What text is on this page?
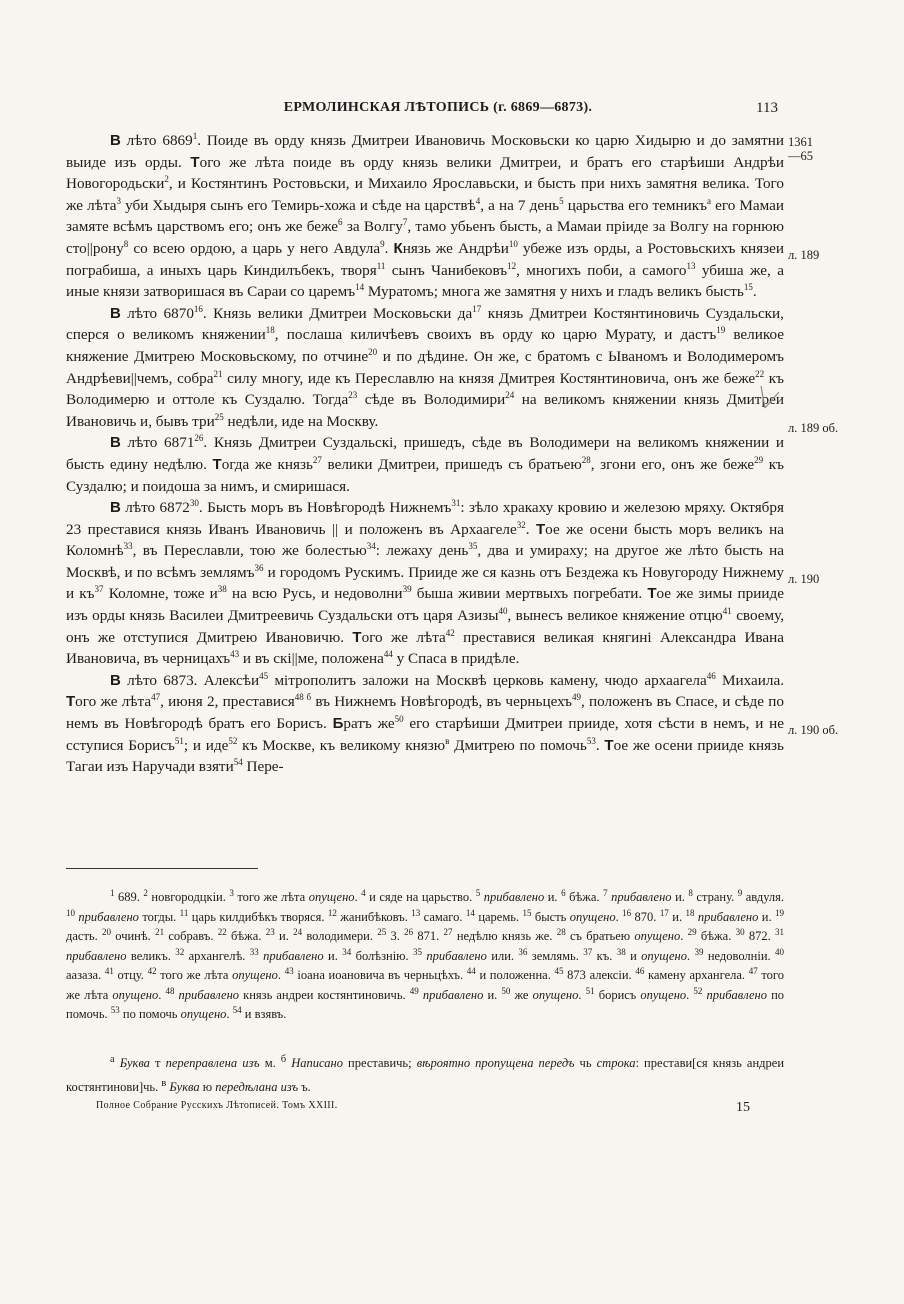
ЕРМОЛИНСКАЯ ЛѢТОПИСЬ (г. 6869—6873).	113

В лѣто 6869$^1$. Поиде въ орду князь Дмитреи Ивановичь Московьски ко царю Хидырю и до замятни выиде изъ орды. Того же лѣта поиде въ орду князь велики Дмитреи, и братъ его старѣиши Андрѣи Новогородьски$^2$, и Костянтинъ Ростовьски, и Михаило Ярославьски, и бысть при нихъ замятня велика. Того же лѣта$^3$ уби Хыдыря сынъ его Темирь-хожа и сѣде на царствѣ$^4$, а на 7 день$^5$ царьства его темникъ$^а$ его Мамаи замяте всѣмъ царствомъ его; онъ же беже$^6$ за Волгу$^7$, тамо убьенъ бысть, а Мамаи пріиде за Волгу на горнюю сто||рону$^8$ со всею ордою, а царь у него Авдула$^9$. Князь же Андрѣи$^{10}$ убеже изъ орды, а Ростовьскихъ князеи пограбиша, а иныхъ царь Киндилъбекъ, творя$^{11}$ сынъ Чанибековъ$^{12}$, многихъ поби, а самого$^{13}$ убиша же, а иные князи затворишася въ Сараи со царемъ$^{14}$ Муратомъ; многа же замятня у нихъ и гладъ великъ бысть$^{15}$.

В лѣто 6870$^{16}$. Князь велики Дмитреи Московьски $да^{17}$ князь Дмитреи Костянтиновичь Суздальски, сперся о великомъ княжении$^{18}$, послаша киличѣевъ своихъ въ орду ко царю Мурату, и дастъ$^{19}$ великое княжение Дмитрею Московьскому, по отчине$^{20}$ и по дѣдине. Он же, с братомъ с Ываномъ и Володимеромъ Андрѣеви||чемъ, собра$^{21}$ силу многу, иде къ Переславлю на князя Дмитрея Костянтиновича, онъ же беже$^{22}$ къ Володимерю и оттоле къ Суздалю. Тогда$^{23}$ сѣде въ Володимири$^{24}$ на великомъ княжении князь Дмитреи Ивановичь и, бывъ три$^{25}$ недѣли, иде на Москву.

В лѣто 6871$^{26}$. Князь Дмитреи Суздальскі, пришедъ, сѣде въ Володимери на великомъ княжении и бысть едину недѣлю. Тогда же князь$^{27}$ велики Дмитреи, пришедъ съ братьею$^{28}$, згони его, онъ же беже$^{29}$ къ Суздалю; и поидоша за нимъ, и смиришася.

В лѣто 6872$^{30}$. Бысть моръ въ Новѣгородѣ Нижнемъ$^{31}$: зѣло хракаху кровию и железою мряху. Октября 23 преставися князь Иванъ Ивановичь || и положенъ въ Архаагеле$^{32}$. Тое же осени бысть моръ великъ на Коломнѣ$^{33}$, въ Переславли, тою же болестью$^{34}$: лежаху день$^{35}$, два и умираху; на другое же лѣто бысть на Москвѣ, и по всѣмъ землямъ$^{36}$ и городомъ Рускимъ. Прииде же ся казнь отъ Бездежа къ Новугороду Нижнему и $къ^{37}$ Коломне, тоже $и^{38}$ на всю Русь, и недоволни$^{39}$ быша живии мертвыхъ погребати. Тое же зимы прииде изъ орды князь Василеи Дмитреевичь Суздальски отъ царя Азизы$^{40}$, вынесъ великое княжение отцю$^{41}$ своему, онъ же отступися Дмитрею Ивановичю. Того же лѣта$^{42}$ преставися великая княгині Александра Ивана Ивановича, въ черницахъ$^{43}$ и въ скі||ме, положена$^{44}$ у Спаса в придѣле.

В лѣто 6873. Алексѣи$^{45}$ мітрополитъ заложи на Москвѣ церковь камену, чюдо архаагела$^{46}$ Михаила. Того же лѣта$^{47}$, июня 2, преставися$^{48 б}$ въ Нижнемъ Новѣгородѣ, въ черньцехъ$^{49}$, положенъ въ Спасе, и сѣде по немъ въ Новѣгородѣ братъ его Борисъ. Братъ $же^{50}$ его старѣиши Дмитреи прииде, хотя сѣсти в немъ, и не сступися Борисъ$^{51}$; и иде$^{52}$ къ Москве, къ великому князю$^в$ Дмитрею по помочь$^{53}$. Тое же осени прииде князь Тагаи изъ Наручади взяти$^{54}$ Пере-

1361
—65
л. 189
л. 189 об.
л. 190
л. 190 об.

$^1$ 689. $^2$ новгородцкіи. $^3$ того же лѣта опущено. $^4$ и сяде на царьство. $^5$ прибавлено и. $^6$ бѣжа. $^7$ прибавлено и. $^8$ страну. $^9$ авдуля. $^{10}$ прибавлено тогды. $^{11}$ царь килдибѣкъ творяся. $^{12}$ жанибѣковъ. $^{13}$ самаго. $^{14}$ царемь. $^{15}$ бысть опущено. $^{16}$ 870. $^{17}$ и. $^{18}$ прибавлено и. $^{19}$ дасть. $^{20}$ очинѣ. $^{21}$ собравъ. $^{22}$ бѣжа. $^{23}$ и. $^{24}$ володимери. $^{25}$ 3. $^{26}$ 871. $^{27}$ недѣлю князь же. $^{28}$ съ братьею опущено. $^{29}$ бѣжа. $^{30}$ 872. $^{31}$ прибавлено великъ. $^{32}$ архангелѣ. $^{33}$ прибавлено и. $^{34}$ болѣзнію. $^{35}$ прибавлено или. $^{36}$ землямь. $^{37}$ къ. $^{38}$ и опущено. $^{39}$ недоволніи. $^{40}$ аазаза. $^{41}$ отцу. $^{42}$ того же лѣта опущено. $^{43}$ іоана иоановича въ черньцѣхъ. $^{44}$ и положенна. $^{45}$ 873 алексіи. $^{46}$ камену архангела. $^{47}$ того же лѣта опущено. $^{48}$ прибавлено князь андреи костянтиновичь. $^{49}$ прибавлено и. $^{50}$ же опущено. $^{51}$ борисъ опущено. $^{52}$ прибавлено по помочь. $^{53}$ по помочь опущено. $^{54}$ и взявъ.

$^а$ Буква т переправлена изъ м. $^б$ Написано преставичь; вѣроятно пропущена передъ чь строка: престави[ся князь андреи костянтинови]чь. $^в$ Буква ю передѣлана изъ ъ.

Полное Собрание Русскихъ Лѣтописей. Томъ XXIII.	15
